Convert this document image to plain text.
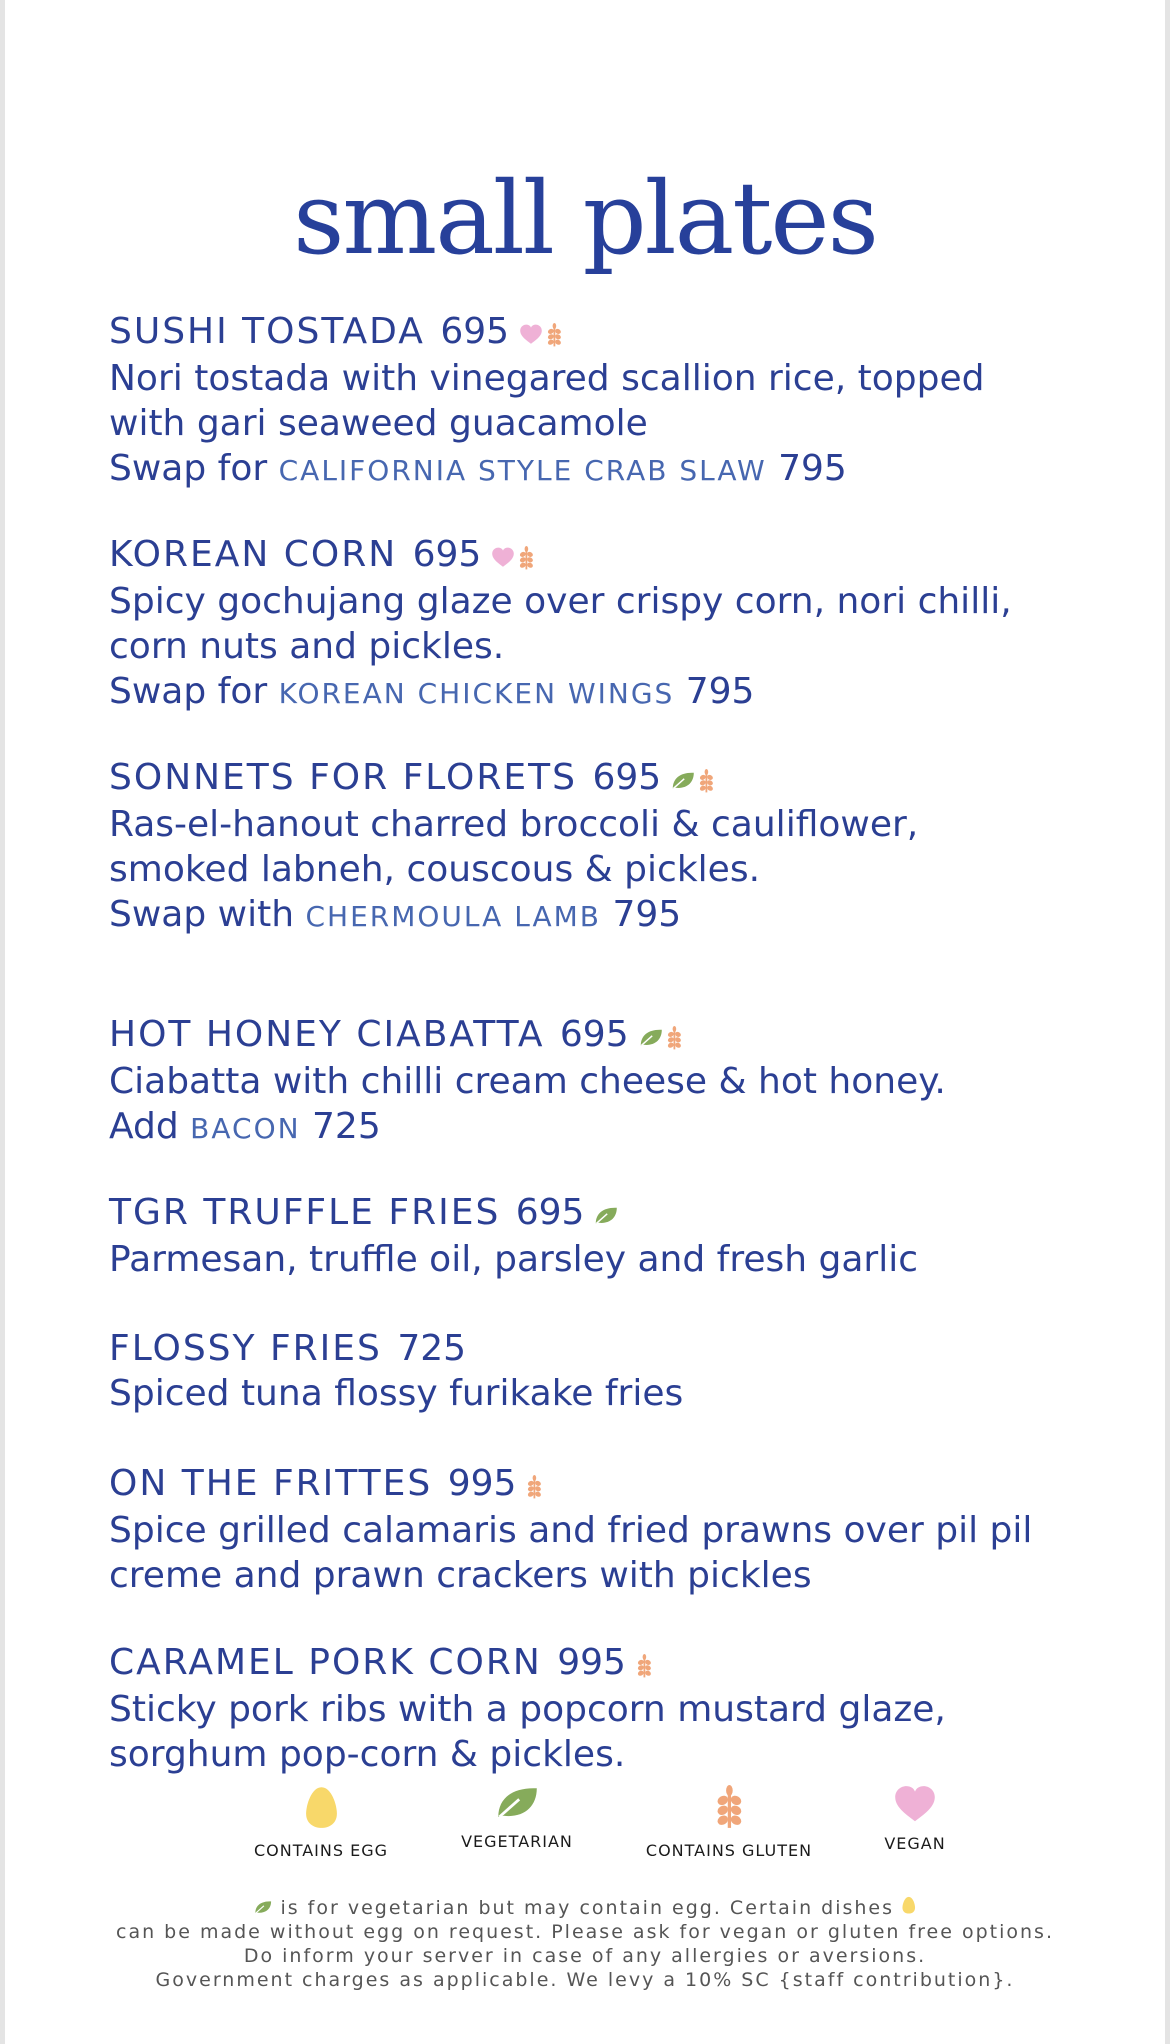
small plates
SUSHI TOSTADA 695
Nori tostada with vinegared scallion rice, topped
with gari seaweed guacamole
Swap for CALIFORNIA STYLE CRAB SLAW 795
KOREAN CORN 695
Spicy gochujang glaze over crispy corn, nori chilli,
corn nuts and pickles.
Swap for KOREAN CHICKEN WINGS 795
SONNETS FOR FLORETS 695
Ras-el-hanout charred broccoli & cauliflower,
smoked labneh, couscous & pickles.
Swap with CHERMOULA LAMB 795
HOT HONEY CIABATTA 695
Ciabatta with chilli cream cheese & hot honey.
Add BACON 725
TGR TRUFFLE FRIES 695
Parmesan, truffle oil, parsley and fresh garlic
FLOSSY FRIES 725
Spiced tuna flossy furikake fries
ON THE FRITTES 995
Spice grilled calamaris and fried prawns over pil pil
creme and prawn crackers with pickles
CARAMEL PORK CORN 995
Sticky pork ribs with a popcorn mustard glaze,
sorghum pop-corn & pickles.
CONTAINS EGG	VEGETARIAN	CONTAINS GLUTEN	VEGAN
is for vegetarian but may contain egg. Certain dishes
can be made without egg on request. Please ask for vegan or gluten free options.
Do inform your server in case of any allergies or aversions.
Government charges as applicable. We levy a 10% SC {staff contribution}.
